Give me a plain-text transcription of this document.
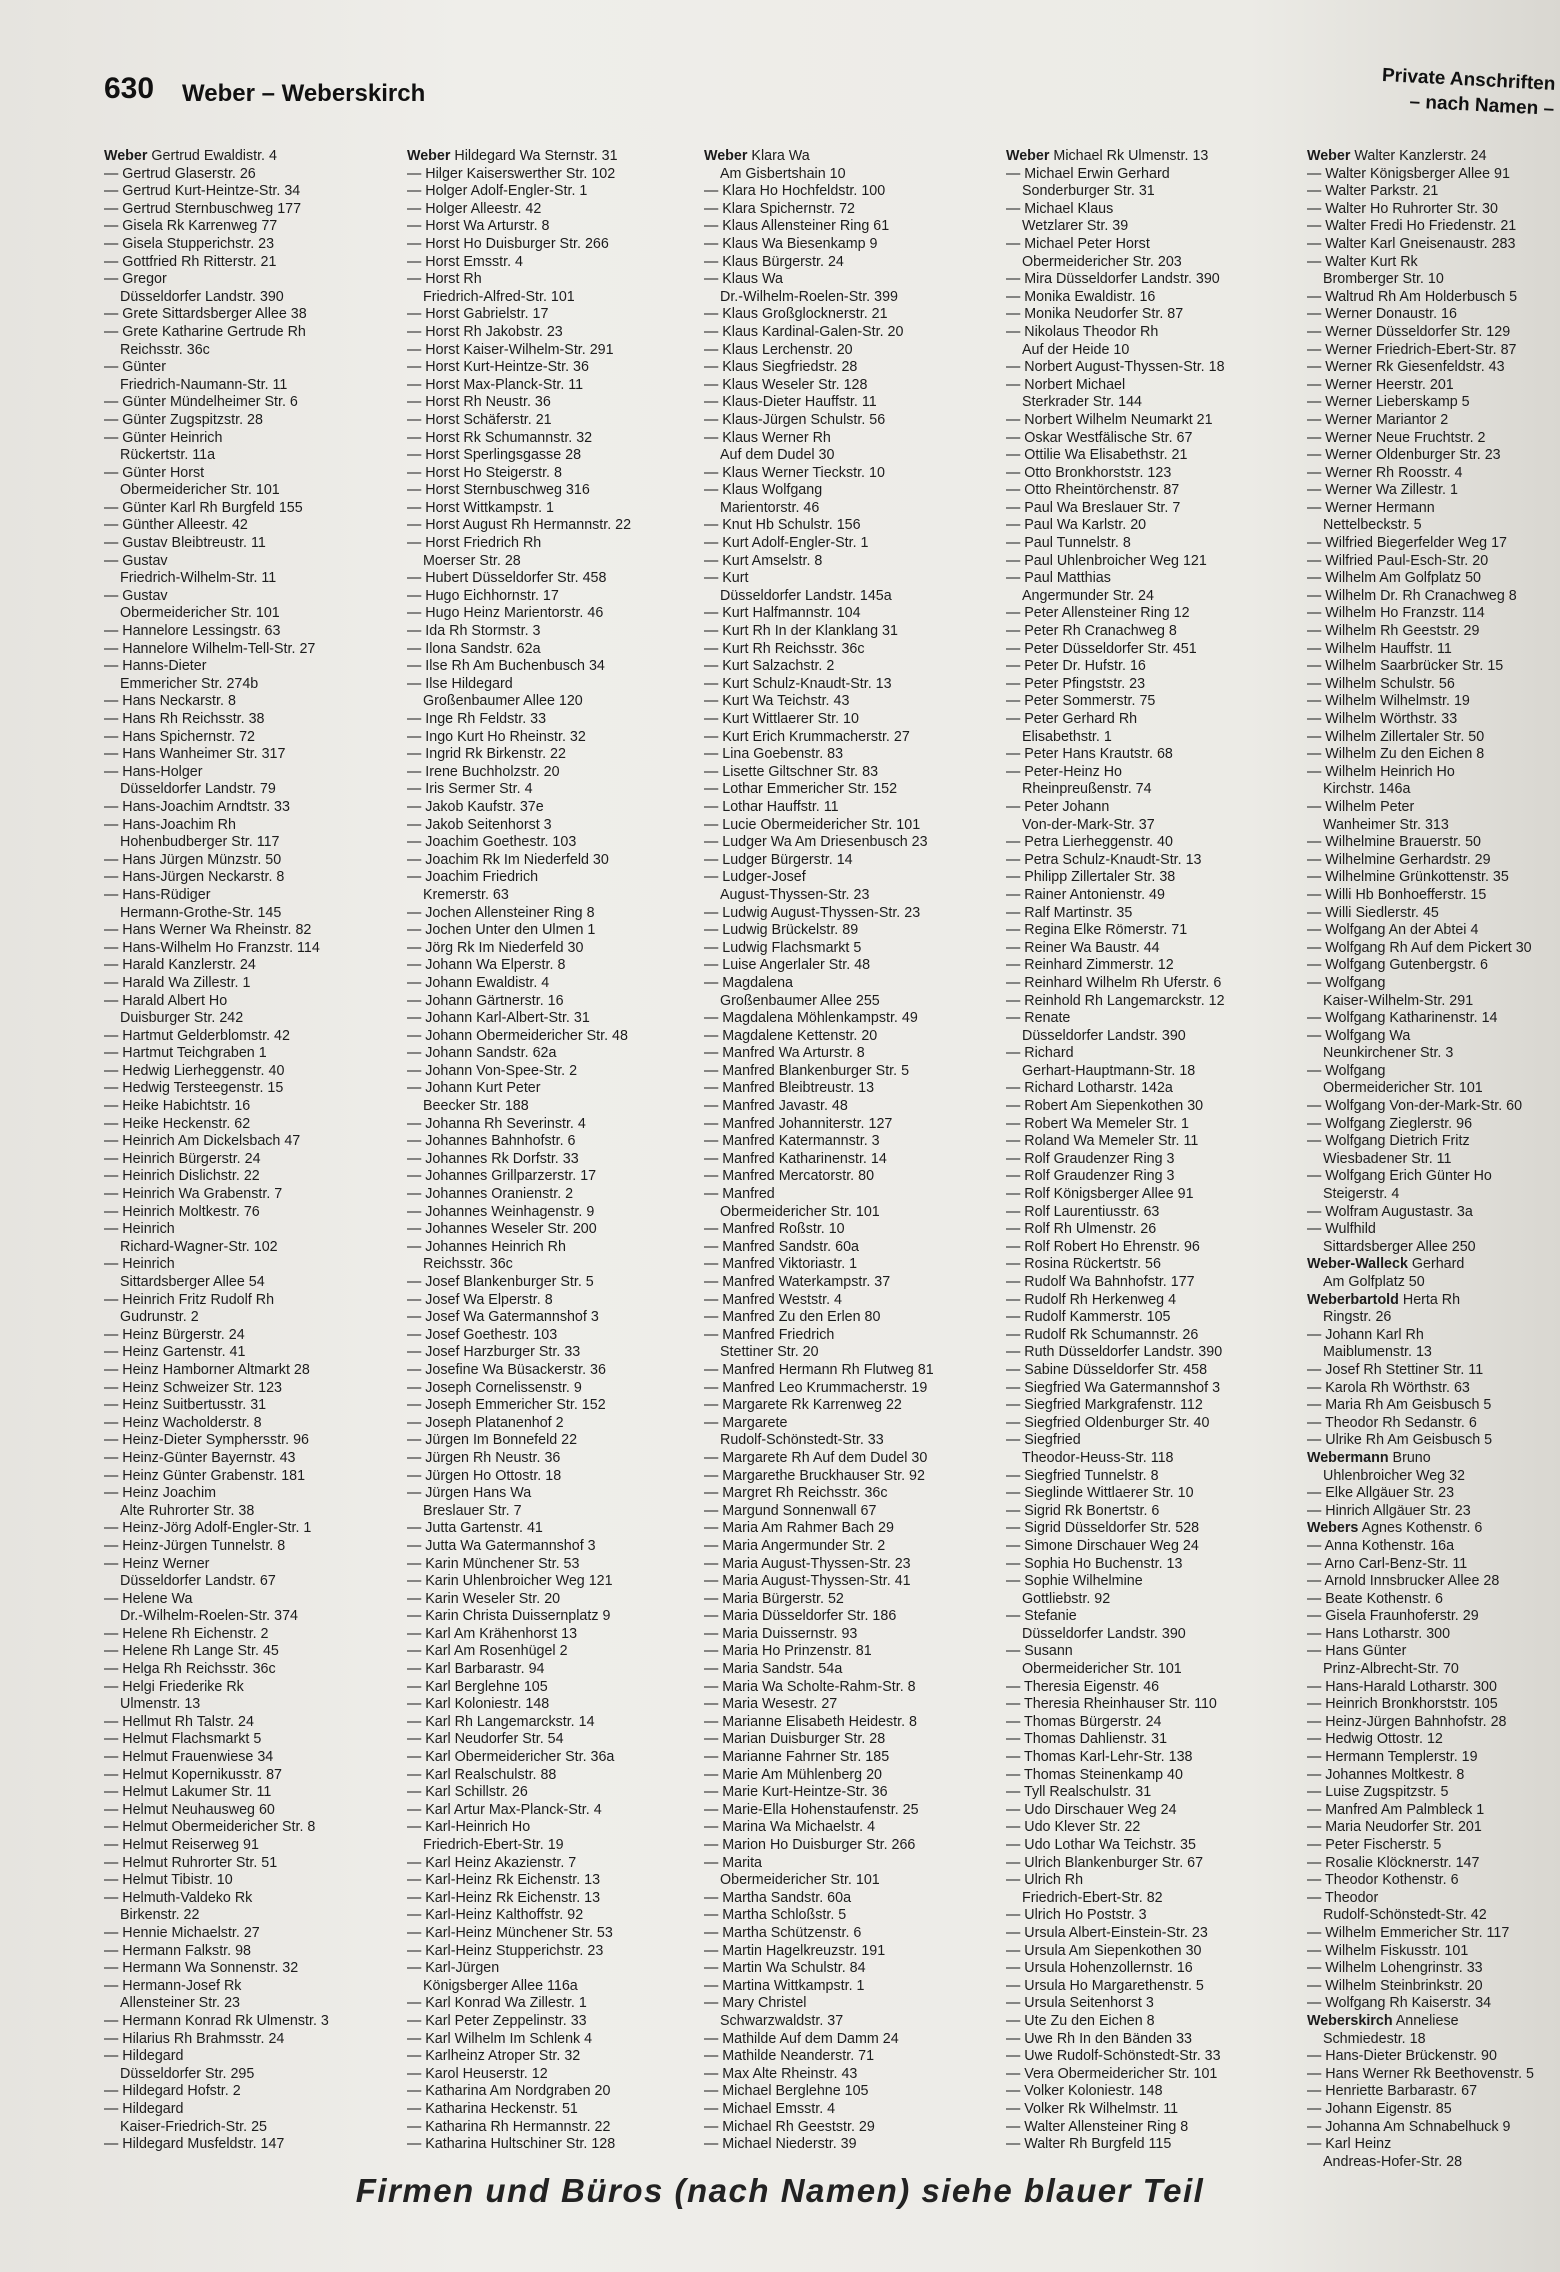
630 Weber – Weberskirch	Private Anschriften
– nach Namen –
Weber Gertrud Ewaldistr. 4
— Gertrud Glaserstr. 26
— Gertrud Kurt-Heintze-Str. 34
— Gertrud Sternbuschweg 177
— Gisela Rk Karrenweg 77
— Gisela Stupperichstr. 23
— Gottfried Rh Ritterstr. 21
— Gregor
Düsseldorfer Landstr. 390
— Grete Sittardsberger Allee 38
— Grete Katharine Gertrude Rh
Reichsstr. 36c
— Günter
Friedrich-Naumann-Str. 11
— Günter Mündelheimer Str. 6
— Günter Zugspitzstr. 28
— Günter Heinrich
Rückertstr. 11a
— Günter Horst
Obermeidericher Str. 101
— Günter Karl Rh Burgfeld 155
— Günther Alleestr. 42
— Gustav Bleibtreustr. 11
— Gustav
Friedrich-Wilhelm-Str. 11
— Gustav
Obermeidericher Str. 101
— Hannelore Lessingstr. 63
— Hannelore Wilhelm-Tell-Str. 27
— Hanns-Dieter
Emmericher Str. 274b
— Hans Neckarstr. 8
— Hans Rh Reichsstr. 38
— Hans Spichernstr. 72
— Hans Wanheimer Str. 317
— Hans-Holger
Düsseldorfer Landstr. 79
— Hans-Joachim Arndtstr. 33
— Hans-Joachim Rh
Hohenbudberger Str. 117
— Hans Jürgen Münzstr. 50
— Hans-Jürgen Neckarstr. 8
— Hans-Rüdiger
Hermann-Grothe-Str. 145
— Hans Werner Wa Rheinstr. 82
— Hans-Wilhelm Ho Franzstr. 114
— Harald Kanzlerstr. 24
— Harald Wa Zillestr. 1
— Harald Albert Ho
Duisburger Str. 242
— Hartmut Gelderblomstr. 42
— Hartmut Teichgraben 1
— Hedwig Lierheggenstr. 40
— Hedwig Tersteegenstr. 15
— Heike Habichtstr. 16
— Heike Heckenstr. 62
— Heinrich Am Dickelsbach 47
— Heinrich Bürgerstr. 24
— Heinrich Dislichstr. 22
— Heinrich Wa Grabenstr. 7
— Heinrich Moltkestr. 76
— Heinrich
Richard-Wagner-Str. 102
— Heinrich
Sittardsberger Allee 54
— Heinrich Fritz Rudolf Rh
Gudrunstr. 2
— Heinz Bürgerstr. 24
— Heinz Gartenstr. 41
— Heinz Hamborner Altmarkt 28
— Heinz Schweizer Str. 123
— Heinz Suitbertusstr. 31
— Heinz Wacholderstr. 8
— Heinz-Dieter Symphersstr. 96
— Heinz-Günter Bayernstr. 43
— Heinz Günter Grabenstr. 181
— Heinz Joachim
Alte Ruhrorter Str. 38
— Heinz-Jörg Adolf-Engler-Str. 1
— Heinz-Jürgen Tunnelstr. 8
— Heinz Werner
Düsseldorfer Landstr. 67
— Helene Wa
Dr.-Wilhelm-Roelen-Str. 374
— Helene Rh Eichenstr. 2
— Helene Rh Lange Str. 45
— Helga Rh Reichsstr. 36c
— Helgi Friederike Rk
Ulmenstr. 13
— Hellmut Rh Talstr. 24
— Helmut Flachsmarkt 5
— Helmut Frauenwiese 34
— Helmut Kopernikusstr. 87
— Helmut Lakumer Str. 11
— Helmut Neuhausweg 60
— Helmut Obermeidericher Str. 8
— Helmut Reiserweg 91
— Helmut Ruhrorter Str. 51
— Helmut Tibistr. 10
— Helmuth-Valdeko Rk
Birkenstr. 22
— Hennie Michaelstr. 27
— Hermann Falkstr. 98
— Hermann Wa Sonnenstr. 32
— Hermann-Josef Rk
Allensteiner Str. 23
— Hermann Konrad Rk Ulmenstr. 3
— Hilarius Rh Brahmsstr. 24
— Hildegard
Düsseldorfer Str. 295
— Hildegard Hofstr. 2
— Hildegard
Kaiser-Friedrich-Str. 25
— Hildegard Musfeldstr. 147
Weber Hildegard Wa Sternstr. 31
— Hilger Kaiserswerther Str. 102
— Holger Adolf-Engler-Str. 1
— Holger Alleestr. 42
— Horst Wa Arturstr. 8
— Horst Ho Duisburger Str. 266
— Horst Emsstr. 4
— Horst Rh
Friedrich-Alfred-Str. 101
— Horst Gabrielstr. 17
— Horst Rh Jakobstr. 23
— Horst Kaiser-Wilhelm-Str. 291
— Horst Kurt-Heintze-Str. 36
— Horst Max-Planck-Str. 11
— Horst Rh Neustr. 36
— Horst Schäferstr. 21
— Horst Rk Schumannstr. 32
— Horst Sperlingsgasse 28
— Horst Ho Steigerstr. 8
— Horst Sternbuschweg 316
— Horst Wittkampstr. 1
— Horst August Rh Hermannstr. 22
— Horst Friedrich Rh
Moerser Str. 28
— Hubert Düsseldorfer Str. 458
— Hugo Eichhornstr. 17
— Hugo Heinz Marientorstr. 46
— Ida Rh Stormstr. 3
— Ilona Sandstr. 62a
— Ilse Rh Am Buchenbusch 34
— Ilse Hildegard
Großenbaumer Allee 120
— Inge Rh Feldstr. 33
— Ingo Kurt Ho Rheinstr. 32
— Ingrid Rk Birkenstr. 22
— Irene Buchholzstr. 20
— Iris Sermer Str. 4
— Jakob Kaufstr. 37e
— Jakob Seitenhorst 3
— Joachim Goethestr. 103
— Joachim Rk Im Niederfeld 30
— Joachim Friedrich
Kremerstr. 63
— Jochen Allensteiner Ring 8
— Jochen Unter den Ulmen 1
— Jörg Rk Im Niederfeld 30
— Johann Wa Elperstr. 8
— Johann Ewaldistr. 4
— Johann Gärtnerstr. 16
— Johann Karl-Albert-Str. 31
— Johann Obermeidericher Str. 48
— Johann Sandstr. 62a
— Johann Von-Spee-Str. 2
— Johann Kurt Peter
Beecker Str. 188
— Johanna Rh Severinstr. 4
— Johannes Bahnhofstr. 6
— Johannes Rk Dorfstr. 33
— Johannes Grillparzerstr. 17
— Johannes Oranienstr. 2
— Johannes Weinhagenstr. 9
— Johannes Weseler Str. 200
— Johannes Heinrich Rh
Reichsstr. 36c
— Josef Blankenburger Str. 5
— Josef Wa Elperstr. 8
— Josef Wa Gatermannshof 3
— Josef Goethestr. 103
— Josef Harzburger Str. 33
— Josefine Wa Büsackerstr. 36
— Joseph Cornelissenstr. 9
— Joseph Emmericher Str. 152
— Joseph Platanenhof 2
— Jürgen Im Bonnefeld 22
— Jürgen Rh Neustr. 36
— Jürgen Ho Ottostr. 18
— Jürgen Hans Wa
Breslauer Str. 7
— Jutta Gartenstr. 41
— Jutta Wa Gatermannshof 3
— Karin Münchener Str. 53
— Karin Uhlenbroicher Weg 121
— Karin Weseler Str. 20
— Karin Christa Duissernplatz 9
— Karl Am Krähenhorst 13
— Karl Am Rosenhügel 2
— Karl Barbarastr. 94
— Karl Berglehne 105
— Karl Koloniestr. 148
— Karl Rh Langemarckstr. 14
— Karl Neudorfer Str. 54
— Karl Obermeidericher Str. 36a
— Karl Realschulstr. 88
— Karl Schillstr. 26
— Karl Artur Max-Planck-Str. 4
— Karl-Heinrich Ho
Friedrich-Ebert-Str. 19
— Karl Heinz Akazienstr. 7
— Karl-Heinz Rk Eichenstr. 13
— Karl-Heinz Rk Eichenstr. 13
— Karl-Heinz Kalthoffstr. 92
— Karl-Heinz Münchener Str. 53
— Karl-Heinz Stupperichstr. 23
— Karl-Jürgen
Königsberger Allee 116a
— Karl Konrad Wa Zillestr. 1
— Karl Peter Zeppelinstr. 33
— Karl Wilhelm Im Schlenk 4
— Karlheinz Atroper Str. 32
— Karol Heuserstr. 12
— Katharina Am Nordgraben 20
— Katharina Heckenstr. 51
— Katharina Rh Hermannstr. 22
— Katharina Hultschiner Str. 128
Weber Klara Wa
Am Gisbertshain 10
— Klara Ho Hochfeldstr. 100
— Klara Spichernstr. 72
— Klaus Allensteiner Ring 61
— Klaus Wa Biesenkamp 9
— Klaus Bürgerstr. 24
— Klaus Wa
Dr.-Wilhelm-Roelen-Str. 399
— Klaus Großglocknerstr. 21
— Klaus Kardinal-Galen-Str. 20
— Klaus Lerchenstr. 20
— Klaus Siegfriedstr. 28
— Klaus Weseler Str. 128
— Klaus-Dieter Hauffstr. 11
— Klaus-Jürgen Schulstr. 56
— Klaus Werner Rh
Auf dem Dudel 30
— Klaus Werner Tieckstr. 10
— Klaus Wolfgang
Marientorstr. 46
— Knut Hb Schulstr. 156
— Kurt Adolf-Engler-Str. 1
— Kurt Amselstr. 8
— Kurt
Düsseldorfer Landstr. 145a
— Kurt Halfmannstr. 104
— Kurt Rh In der Klanklang 31
— Kurt Rh Reichsstr. 36c
— Kurt Salzachstr. 2
— Kurt Schulz-Knaudt-Str. 13
— Kurt Wa Teichstr. 43
— Kurt Wittlaerer Str. 10
— Kurt Erich Krummacherstr. 27
— Lina Goebenstr. 83
— Lisette Giltschner Str. 83
— Lothar Emmericher Str. 152
— Lothar Hauffstr. 11
— Lucie Obermeidericher Str. 101
— Ludger Wa Am Driesenbusch 23
— Ludger Bürgerstr. 14
— Ludger-Josef
August-Thyssen-Str. 23
— Ludwig August-Thyssen-Str. 23
— Ludwig Brückelstr. 89
— Ludwig Flachsmarkt 5
— Luise Angerlaler Str. 48
— Magdalena
Großenbaumer Allee 255
— Magdalena Möhlenkampstr. 49
— Magdalene Kettenstr. 20
— Manfred Wa Arturstr. 8
— Manfred Blankenburger Str. 5
— Manfred Bleibtreustr. 13
— Manfred Javastr. 48
— Manfred Johanniterstr. 127
— Manfred Katermannstr. 3
— Manfred Katharinenstr. 14
— Manfred Mercatorstr. 80
— Manfred
Obermeidericher Str. 101
— Manfred Roßstr. 10
— Manfred Sandstr. 60a
— Manfred Viktoriastr. 1
— Manfred Waterkampstr. 37
— Manfred Weststr. 4
— Manfred Zu den Erlen 80
— Manfred Friedrich
Stettiner Str. 20
— Manfred Hermann Rh Flutweg 81
— Manfred Leo Krummacherstr. 19
— Margarete Rk Karrenweg 22
— Margarete
Rudolf-Schönstedt-Str. 33
— Margarete Rh Auf dem Dudel 30
— Margarethe Bruckhauser Str. 92
— Margret Rh Reichsstr. 36c
— Margund Sonnenwall 67
— Maria Am Rahmer Bach 29
— Maria Angermunder Str. 2
— Maria August-Thyssen-Str. 23
— Maria August-Thyssen-Str. 41
— Maria Bürgerstr. 52
— Maria Düsseldorfer Str. 186
— Maria Duissernstr. 93
— Maria Ho Prinzenstr. 81
— Maria Sandstr. 54a
— Maria Wa Scholte-Rahm-Str. 8
— Maria Wesestr. 27
— Marianne Elisabeth Heidestr. 8
— Marian Duisburger Str. 28
— Marianne Fahrner Str. 185
— Marie Am Mühlenberg 20
— Marie Kurt-Heintze-Str. 36
— Marie-Ella Hohenstaufenstr. 25
— Marina Wa Michaelstr. 4
— Marion Ho Duisburger Str. 266
— Marita
Obermeidericher Str. 101
— Martha Sandstr. 60a
— Martha Schloßstr. 5
— Martha Schützenstr. 6
— Martin Hagelkreuzstr. 191
— Martin Wa Schulstr. 84
— Martina Wittkampstr. 1
— Mary Christel
Schwarzwaldstr. 37
— Mathilde Auf dem Damm 24
— Mathilde Neanderstr. 71
— Max Alte Rheinstr. 43
— Michael Berglehne 105
— Michael Emsstr. 4
— Michael Rh Geeststr. 29
— Michael Niederstr. 39
Weber Michael Rk Ulmenstr. 13
— Michael Erwin Gerhard
Sonderburger Str. 31
— Michael Klaus
Wetzlarer Str. 39
— Michael Peter Horst
Obermeidericher Str. 203
— Mira Düsseldorfer Landstr. 390
— Monika Ewaldistr. 16
— Monika Neudorfer Str. 87
— Nikolaus Theodor Rh
Auf der Heide 10
— Norbert August-Thyssen-Str. 18
— Norbert Michael
Sterkrader Str. 144
— Norbert Wilhelm Neumarkt 21
— Oskar Westfälische Str. 67
— Ottilie Wa Elisabethstr. 21
— Otto Bronkhorststr. 123
— Otto Rheintörchenstr. 87
— Paul Wa Breslauer Str. 7
— Paul Wa Karlstr. 20
— Paul Tunnelstr. 8
— Paul Uhlenbroicher Weg 121
— Paul Matthias
Angermunder Str. 24
— Peter Allensteiner Ring 12
— Peter Rh Cranachweg 8
— Peter Düsseldorfer Str. 451
— Peter Dr. Hufstr. 16
— Peter Pfingststr. 23
— Peter Sommerstr. 75
— Peter Gerhard Rh
Elisabethstr. 1
— Peter Hans Krautstr. 68
— Peter-Heinz Ho
Rheinpreußenstr. 74
— Peter Johann
Von-der-Mark-Str. 37
— Petra Lierheggenstr. 40
— Petra Schulz-Knaudt-Str. 13
— Philipp Zillertaler Str. 38
— Rainer Antonienstr. 49
— Ralf Martinstr. 35
— Regina Elke Römerstr. 71
— Reiner Wa Baustr. 44
— Reinhard Zimmerstr. 12
— Reinhard Wilhelm Rh Uferstr. 6
— Reinhold Rh Langemarckstr. 12
— Renate
Düsseldorfer Landstr. 390
— Richard
Gerhart-Hauptmann-Str. 18
— Richard Lotharstr. 142a
— Robert Am Siepenkothen 30
— Robert Wa Memeler Str. 1
— Roland Wa Memeler Str. 11
— Rolf Graudenzer Ring 3
— Rolf Graudenzer Ring 3
— Rolf Königsberger Allee 91
— Rolf Laurentiusstr. 63
— Rolf Rh Ulmenstr. 26
— Rolf Robert Ho Ehrenstr. 96
— Rosina Rückertstr. 56
— Rudolf Wa Bahnhofstr. 177
— Rudolf Rh Herkenweg 4
— Rudolf Kammerstr. 105
— Rudolf Rk Schumannstr. 26
— Ruth Düsseldorfer Landstr. 390
— Sabine Düsseldorfer Str. 458
— Siegfried Wa Gatermannshof 3
— Siegfried Markgrafenstr. 112
— Siegfried Oldenburger Str. 40
— Siegfried
Theodor-Heuss-Str. 118
— Siegfried Tunnelstr. 8
— Sieglinde Wittlaerer Str. 10
— Sigrid Rk Bonertstr. 6
— Sigrid Düsseldorfer Str. 528
— Simone Dirschauer Weg 24
— Sophia Ho Buchenstr. 13
— Sophie Wilhelmine
Gottliebstr. 92
— Stefanie
Düsseldorfer Landstr. 390
— Susann
Obermeidericher Str. 101
— Theresia Eigenstr. 46
— Theresia Rheinhauser Str. 110
— Thomas Bürgerstr. 24
— Thomas Dahlienstr. 31
— Thomas Karl-Lehr-Str. 138
— Thomas Steinenkamp 40
— Tyll Realschulstr. 31
— Udo Dirschauer Weg 24
— Udo Klever Str. 22
— Udo Lothar Wa Teichstr. 35
— Ulrich Blankenburger Str. 67
— Ulrich Rh
Friedrich-Ebert-Str. 82
— Ulrich Ho Poststr. 3
— Ursula Albert-Einstein-Str. 23
— Ursula Am Siepenkothen 30
— Ursula Hohenzollernstr. 16
— Ursula Ho Margarethenstr. 5
— Ursula Seitenhorst 3
— Ute Zu den Eichen 8
— Uwe Rh In den Bänden 33
— Uwe Rudolf-Schönstedt-Str. 33
— Vera Obermeidericher Str. 101
— Volker Koloniestr. 148
— Volker Rk Wilhelmstr. 11
— Walter Allensteiner Ring 8
— Walter Rh Burgfeld 115
Weber Walter Kanzlerstr. 24
— Walter Königsberger Allee 91
— Walter Parkstr. 21
— Walter Ho Ruhrorter Str. 30
— Walter Fredi Ho Friedenstr. 21
— Walter Karl Gneisenaustr. 283
— Walter Kurt Rk
Bromberger Str. 10
— Waltrud Rh Am Holderbusch 5
— Werner Donaustr. 16
— Werner Düsseldorfer Str. 129
— Werner Friedrich-Ebert-Str. 87
— Werner Rk Giesenfeldstr. 43
— Werner Heerstr. 201
— Werner Lieberskamp 5
— Werner Mariantor 2
— Werner Neue Fruchtstr. 2
— Werner Oldenburger Str. 23
— Werner Rh Roosstr. 4
— Werner Wa Zillestr. 1
— Werner Hermann
Nettelbeckstr. 5
— Wilfried Biegerfelder Weg 17
— Wilfried Paul-Esch-Str. 20
— Wilhelm Am Golfplatz 50
— Wilhelm Dr. Rh Cranachweg 8
— Wilhelm Ho Franzstr. 114
— Wilhelm Rh Geeststr. 29
— Wilhelm Hauffstr. 11
— Wilhelm Saarbrücker Str. 15
— Wilhelm Schulstr. 56
— Wilhelm Wilhelmstr. 19
— Wilhelm Wörthstr. 33
— Wilhelm Zillertaler Str. 50
— Wilhelm Zu den Eichen 8
— Wilhelm Heinrich Ho
Kirchstr. 146a
— Wilhelm Peter
Wanheimer Str. 313
— Wilhelmine Brauerstr. 50
— Wilhelmine Gerhardstr. 29
— Wilhelmine Grünkottenstr. 35
— Willi Hb Bonhoefferstr. 15
— Willi Siedlerstr. 45
— Wolfgang An der Abtei 4
— Wolfgang Rh Auf dem Pickert 30
— Wolfgang Gutenbergstr. 6
— Wolfgang
Kaiser-Wilhelm-Str. 291
— Wolfgang Katharinenstr. 14
— Wolfgang Wa
Neunkirchener Str. 3
— Wolfgang
Obermeidericher Str. 101
— Wolfgang Von-der-Mark-Str. 60
— Wolfgang Zieglerstr. 96
— Wolfgang Dietrich Fritz
Wiesbadener Str. 11
— Wolfgang Erich Günter Ho
Steigerstr. 4
— Wolfram Augustastr. 3a
— Wulfhild
Sittardsberger Allee 250
Weber-Walleck Gerhard
Am Golfplatz 50
Weberbartold Herta Rh
Ringstr. 26
— Johann Karl Rh
Maiblumenstr. 13
— Josef Rh Stettiner Str. 11
— Karola Rh Wörthstr. 63
— Maria Rh Am Geisbusch 5
— Theodor Rh Sedanstr. 6
— Ulrike Rh Am Geisbusch 5
Webermann Bruno
Uhlenbroicher Weg 32
— Elke Allgäuer Str. 23
— Hinrich Allgäuer Str. 23
Webers Agnes Kothenstr. 6
— Anna Kothenstr. 16a
— Arno Carl-Benz-Str. 11
— Arnold Innsbrucker Allee 28
— Beate Kothenstr. 6
— Gisela Fraunhoferstr. 29
— Hans Lotharstr. 300
— Hans Günter
Prinz-Albrecht-Str. 70
— Hans-Harald Lotharstr. 300
— Heinrich Bronkhorststr. 105
— Heinz-Jürgen Bahnhofstr. 28
— Hedwig Ottostr. 12
— Hermann Templerstr. 19
— Johannes Moltkestr. 8
— Luise Zugspitzstr. 5
— Manfred Am Palmbleck 1
— Maria Neudorfer Str. 201
— Peter Fischerstr. 5
— Rosalie Klöcknerstr. 147
— Theodor Kothenstr. 6
— Theodor
Rudolf-Schönstedt-Str. 42
— Wilhelm Emmericher Str. 117
— Wilhelm Fiskusstr. 101
— Wilhelm Lohengrinstr. 33
— Wilhelm Steinbrinkstr. 20
— Wolfgang Rh Kaiserstr. 34
Weberskirch Anneliese
Schmiedestr. 18
— Hans-Dieter Brückenstr. 90
— Hans Werner Rk Beethovenstr. 5
— Henriette Barbarastr. 67
— Johann Eigenstr. 85
— Johanna Am Schnabelhuck 9
— Karl Heinz
Andreas-Hofer-Str. 28
Firmen und Büros (nach Namen) siehe blauer Teil
